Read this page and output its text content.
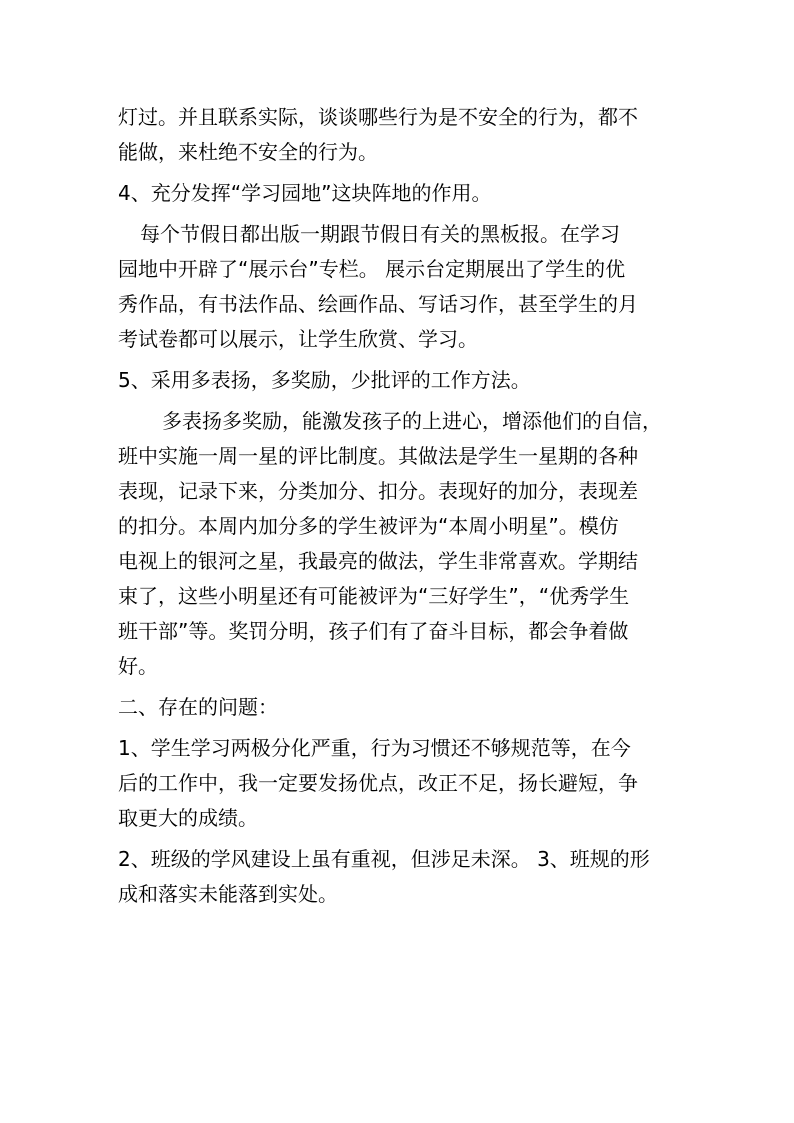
灯过。并且联系实际，谈谈哪些行为是不安全的行为，都不
能做，来杜绝不安全的行为。
4、充分发挥“学习园地”这块阵地的作用。
每个节假日都出版一期跟节假日有关的黑板报。在学习
园地中开辟了“展示台”专栏。 展示台定期展出了学生的优
秀作品，有书法作品、绘画作品、写话习作，甚至学生的月
考试卷都可以展示，让学生欣赏、学习。
5、采用多表扬，多奖励，少批评的工作方法。
多表扬多奖励，能激发孩子的上进心，增添他们的自信，
班中实施一周一星的评比制度。其做法是学生一星期的各种
表现，记录下来，分类加分、扣分。表现好的加分，表现差
的扣分。本周内加分多的学生被评为“本周小明星”。模仿
电视上的银河之星，我最亮的做法，学生非常喜欢。学期结
束了，这些小明星还有可能被评为“三好学生”，“优秀学生
班干部”等。奖罚分明，孩子们有了奋斗目标，都会争着做
好。
二、存在的问题：
1、学生学习两极分化严重，行为习惯还不够规范等，在今
后的工作中，我一定要发扬优点，改正不足，扬长避短，争
取更大的成绩。
2、班级的学风建设上虽有重视，但涉足未深。 3、班规的形
成和落实未能落到实处。
